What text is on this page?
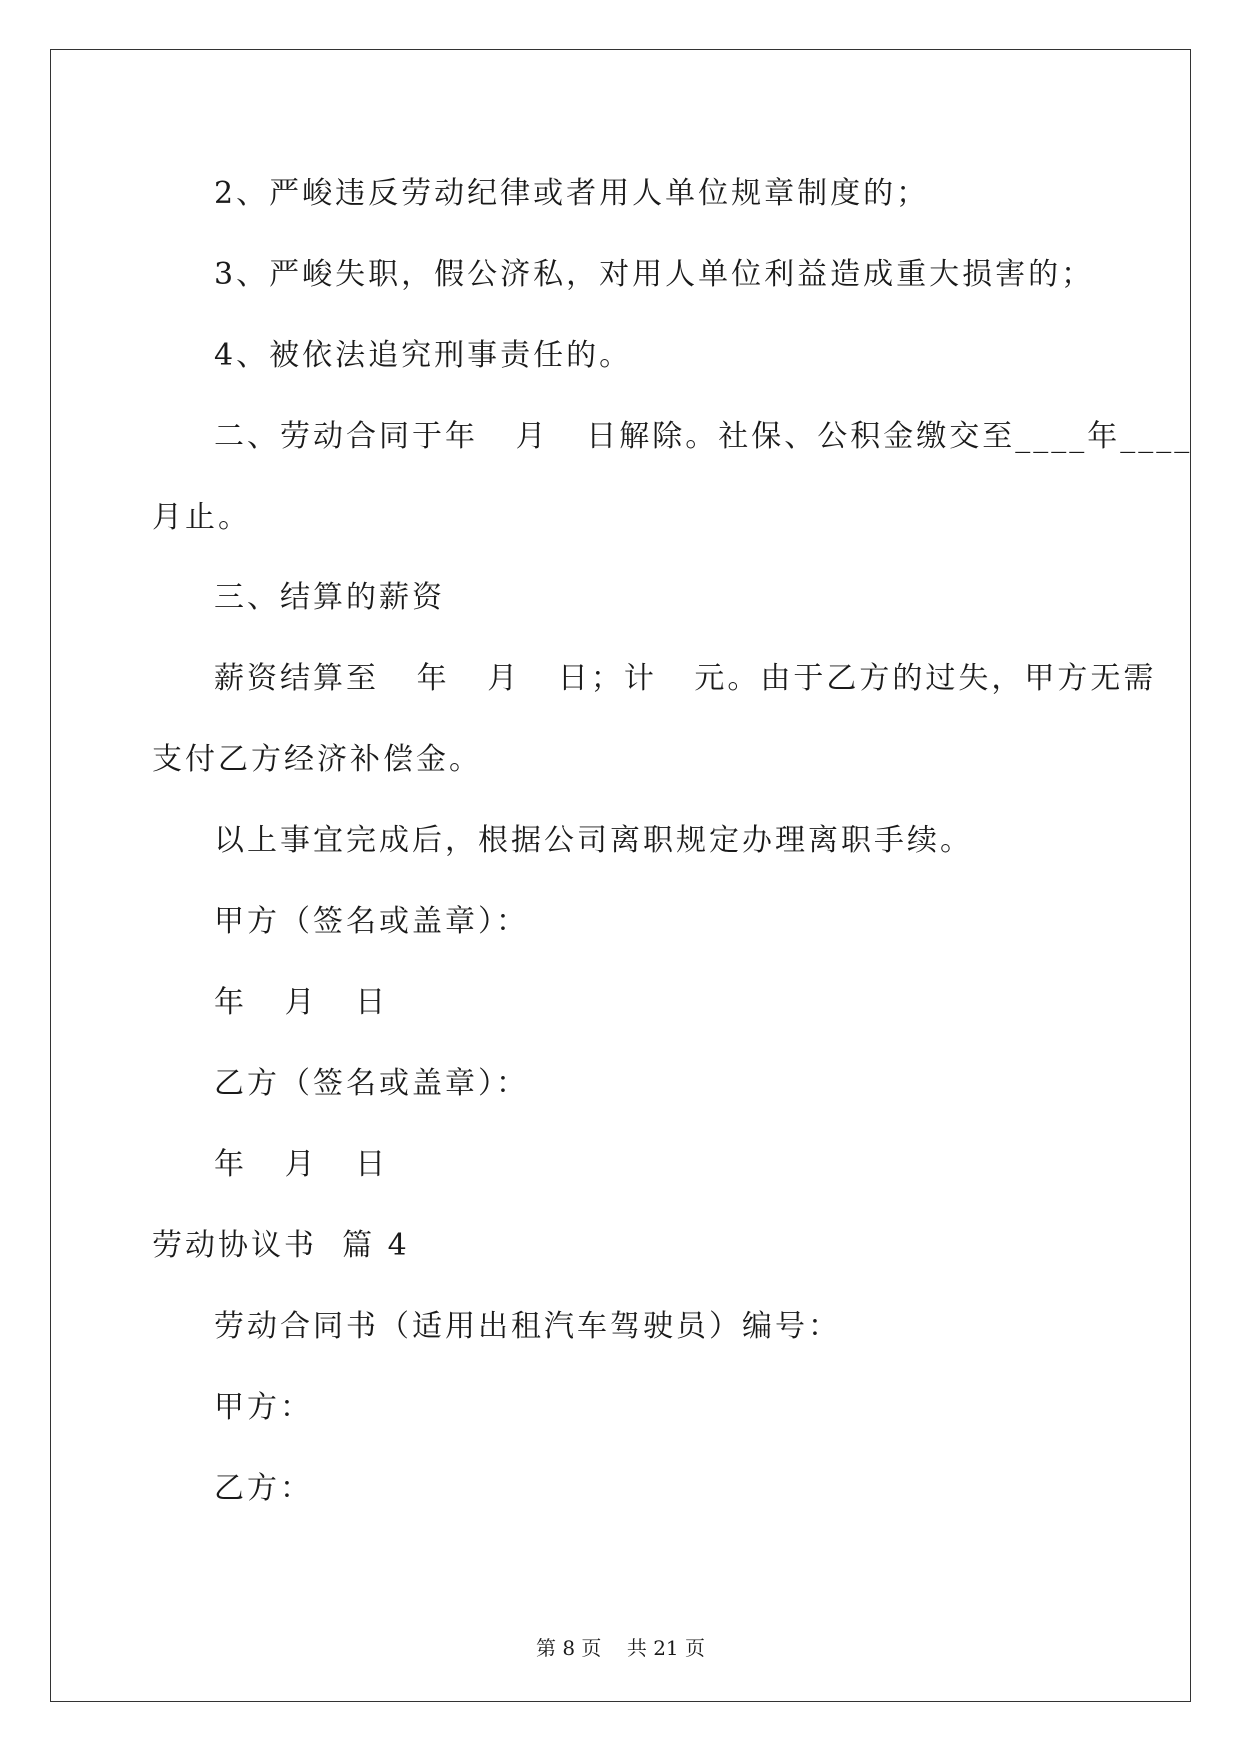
2、严峻违反劳动纪律或者用人单位规章制度的；
3、严峻失职，假公济私，对用人单位利益造成重大损害的；
4、被依法追究刑事责任的。
二、劳动合同于年   月   日解除。社保、公积金缴交至____年____
月止。
三、结算的薪资
薪资结算至   年   月   日；计   元。由于乙方的过失，甲方无需
支付乙方经济补偿金。
以上事宜完成后，根据公司离职规定办理离职手续。
甲方（签名或盖章）：
年   月   日
乙方（签名或盖章）：
年   月   日
劳动协议书  篇 4
劳动合同书（适用出租汽车驾驶员）编号：
甲方：
乙方：
第 8 页    共 21 页
